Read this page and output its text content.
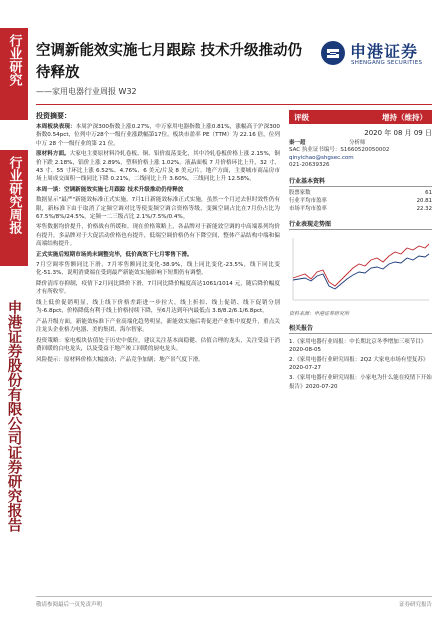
行业研究
行业研究周报
申港证券股份有限公司证券研究报告
空调新能效实施七月跟踪 技术升级推动仍待释放
——家用电器行业周报 W32
申港证券
SHENGANG SECURITIES
投资摘要：

本周板块表现：本周沪深300指数上涨0.27%，中万家用电器指数上涨0.81%，涨幅高于沪深300指数0.54pct，位列中万28个一级行业涨跌幅第17位。板块市盈率 PE（TTM）为 22.16 倍，位列中万 28 个一级行业的第 21 位。

原材料方面。大家电主要原材料冷轧卷板、铜、铝价震荡变化，其中冷轧卷板价格上涨 2.15%，铜价下跌 2.18%，铝价上涨 2.89%，塑料价格上涨 1.02%。液晶面板 7 月价格环比上升，32 寸、43 寸、55 寸环比上涨 6.52%、4.76%、6 美元/片及 8 美元/片。地产方面，主要城市商品房市场上周成交面积一线同比下降 0.21%，二线同比上升 3.60%，三线同比上升 12.58%。

本周一谈：空调新能效实施七月跟踪 技术升级推动仍待释放

数据显示"最严"新能效标准正式实施。7月1日新能效标准正式实施，虽然一个月过去但时效性仍有限，新标准下由于取消了定频空调对比等使变频空调合资格等级，变频空调占比在7月份占比为 67.5%/8%/24.5%，定频一二三级占比 2.1%/7.5%/0.4%。

零售数据均价提升，价格战有所缓和。现在价格策略上，各品牌对于新能效空调的中高端系列均价有提升，多品牌对于大促活动价格也有提升，低端空调价格仍有下降空间，整体产品结构中端和偏高端结构提升。

正式实施后短期市场尚未调整完毕，低价高效下七月零售下滑。

7月空调零售额同比下滑，7月零售额同比变化-38.9%，线上同比变化-23.5%，线下同比变化-51.3%，说明消费端在受到最严新能效实施影响下短期仍有调整。

降价清库存抑制，疫情下2月同比降价下滑，7月同比降价幅度高达1061/1014 元，随后降价幅度才有所收窄。

线上低价促销明显，线上线下价格差距进一步拉大，线上折扣、线上促销、线下促销分别为-6.8pct，价格降低有利于线上价格持续下降，至6月达到年内最低点 3.8/8.2/6.1/6.8pct。

产品升级方面，新能效标准下产业高端化趋势明显，新能效实施后将促进产业集中度提升，重点关注龙头企业格力电器、美的集团、海尔智家。

投资策略：家电板块估值处于历史中低位，建议关注基本面稳健、估值合理的龙头，关注受益于消费回暖的白电龙头，以及受益于地产竣工回暖的厨电龙头。

风险提示：原材料价格大幅波动；产品竞争加剧；地产景气度下滑。

评级	增持（维持）
2020 年 08 月 09 日
秦一超	分析师
SAC 执业证书编号：S1660520050002
qinyichao@shgsec.com
021-20639326
行业基本资料
股票家数	61
行业平均市盈率	20.81
市场平均市盈率	22.32
行业表现走势图
资料来源：申港证券研究所
相关报告
1.《家用电器行业周报：中长期北京冬季增加三项节目》2020-08-05
2.《家用电器行业研究周报：2Q2 大家电市场有望复苏》2020-07-27
3.《家用电器行业研究周报：小家电为什么能在疫情下开始报告》2020-07-20
敬请参阅最后一页免责声明	证券研究报告
